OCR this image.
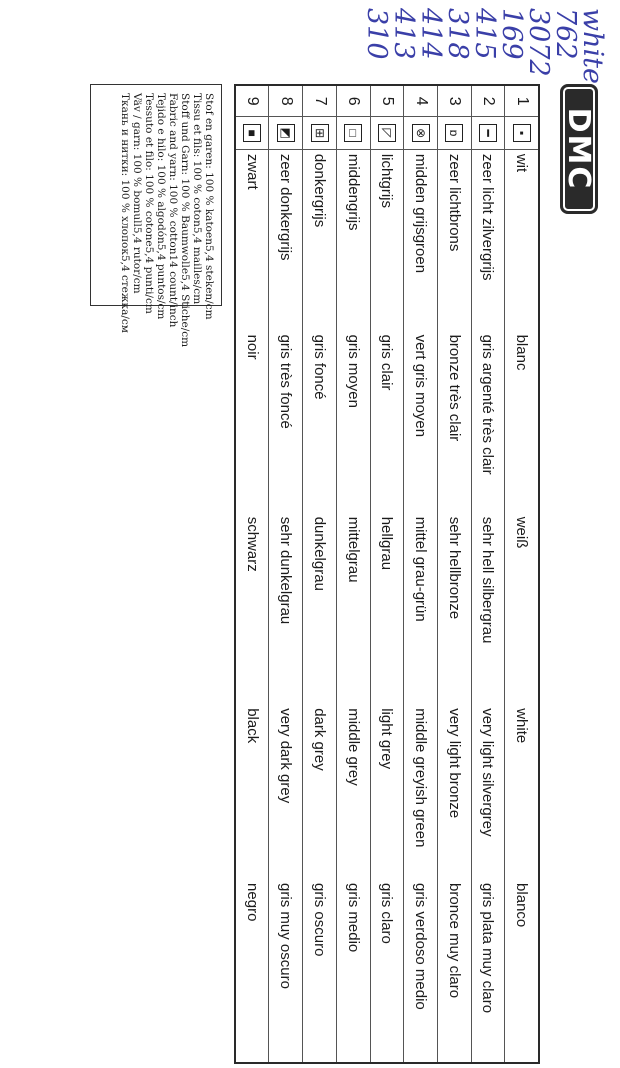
white
762
3072
169
415
318
414
413
310
DMC
1	▪	wit	blanc	weiß	white	blanco
2	━	zeer licht zilvergrijs	gris argenté très clair	sehr hell silbergrau	very light silvergrey	gris plata muy claro
3	ɒ	zeer lichtbrons	bronze très clair	sehr hellbronze	very light bronze	bronce muy claro
4	⊗	midden grijsgroen	vert gris moyen	mittel grau-grün	middle greyish green	gris verdoso medio
5	◸	lichtgrijs	gris clair	hellgrau	light grey	gris claro
6	□	middengrijs	gris moyen	mittelgrau	middle grey	gris medio
7	⊞	donkergrijs	gris foncé	dunkelgrau	dark grey	gris oscuro
8	◩	zeer donkergrijs	gris très foncé	sehr dunkelgrau	very dark grey	gris muy oscuro
9	■	zwart	noir	schwarz	black	negro
Stof en garen: 100 % katoen
5,4 steken/cm
Tissu et fils: 100 % coton
5,4 mailles/cm
Stoff und Garn: 100 % Baumwolle
5,4 Stiche/cm
Fabric and yarn: 100 % cotton
14 count/inch
Tejido e hilo: 100 % algodón
5,4 puntos/cm
Tessuto et filo: 100 % cotone
5,4 punti/cm
Väv / garn: 100 % bomull
5,4 rutor/cm
Ткань и нитки: 100 % хлопок
5,4 стежка/см
